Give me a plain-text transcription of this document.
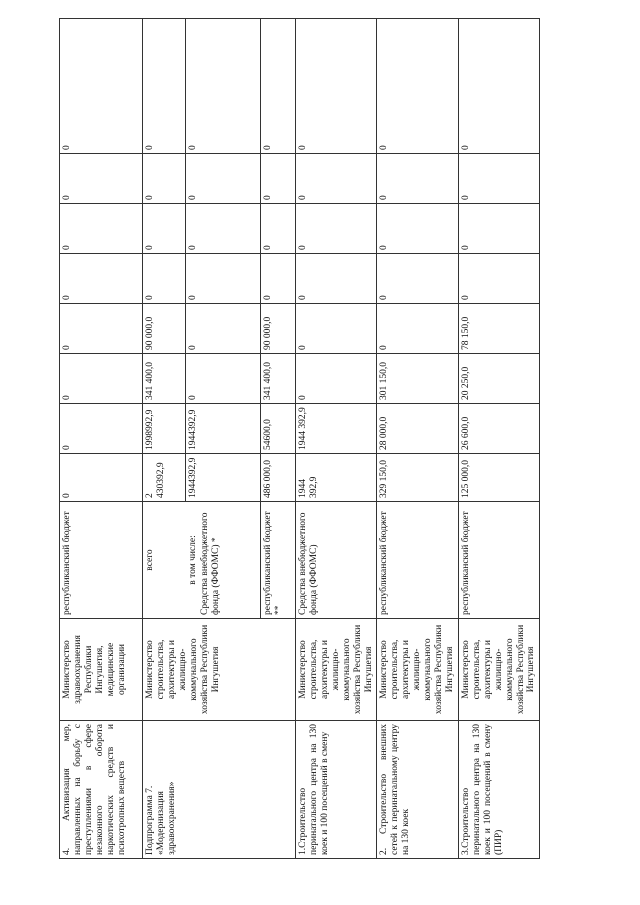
4. Активизация мер, направленных на борьбу с преступлениями в сфере незаконного оборота наркотических средств и психотропных веществ	Министерство здравоохранения Республики Ингушетия, медицинские организации	республиканский бюджет	0	0	0	0	0	0	0	0
Подпрограмма 7. «Модернизация здравоохранения»	Министерство строительства, архитектуры и жилищно-коммунального хозяйства Республики Ингушетия	всего	2 430392,9	1998992,9	341 400,0	90 000,0	0	0	0	0

		в том числе: Средства внебюджетного фонда (ФФОМС) *	1944392,9	1944392,9	0	0	0	0	0	0
		республиканский бюджет **	486 000,0	54600,0	341 400,0	90 000,0	0	0	0	0
1.Строительство перинатального центра на 130 коек и 100 посещений в смену	Министерство строительства, архитектуры и жилищно-коммунального хозяйства Республики Ингушетия	Средства внебюджетного фонда (ФФОМС)	1944 392,9	1944 392,9	0	0	0	0	0	0
2. Строительство внешних сетей к перинатальному центру на 130 коек	Министерство строительства, архитектуры и жилищно-коммунального хозяйства Республики Ингушетия	республиканский бюджет	329 150,0	28 000,0	301 150,0	0	0	0	0	0
3.Строительство перинатального центра на 130 коек и 100 посещений в смену (ПИР)	Министерство строительства, архитектуры и жилищно-коммунального хозяйства Республики Ингушетия	республиканский бюджет	125 000,0	26 600,0	20 250,0	78 150,0	0	0	0	0
